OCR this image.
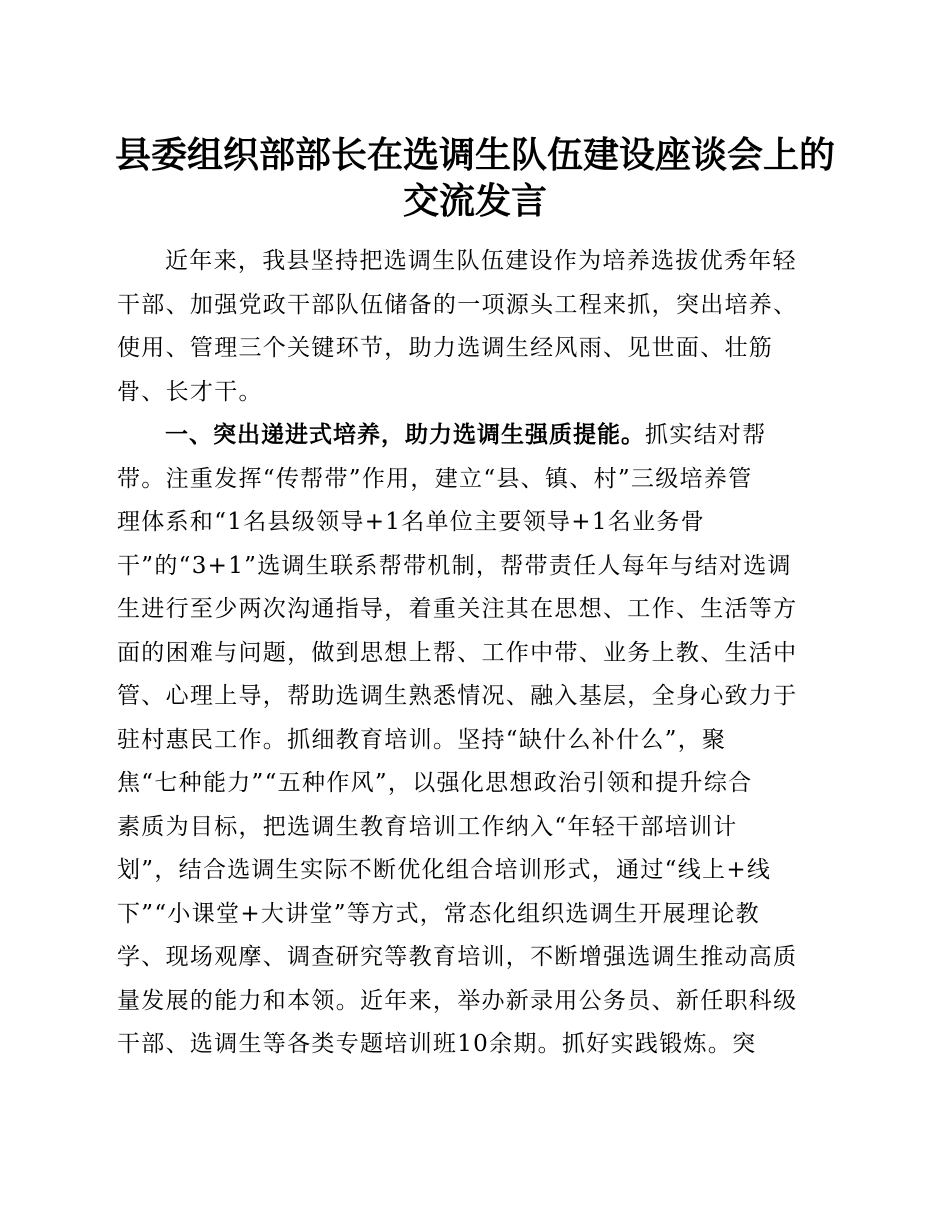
县委组织部部长在选调生队伍建设座谈会上的
交流发言
近年来，我县坚持把选调生队伍建设作为培养选拔优秀年轻
干部、加强党政干部队伍储备的一项源头工程来抓，突出培养、
使用、管理三个关键环节，助力选调生经风雨、见世面、壮筋
骨、长才干。
一、突出递进式培养，助力选调生强质提能。抓实结对帮
带。注重发挥“传帮带”作用，建立“县、镇、村”三级培养管
理体系和“1名县级领导+1名单位主要领导+1名业务骨
干”的“3+1”选调生联系帮带机制，帮带责任人每年与结对选调
生进行至少两次沟通指导，着重关注其在思想、工作、生活等方
面的困难与问题，做到思想上帮、工作中带、业务上教、生活中
管、心理上导，帮助选调生熟悉情况、融入基层，全身心致力于
驻村惠民工作。抓细教育培训。坚持“缺什么补什么”，聚
焦“七种能力”“五种作风”，以强化思想政治引领和提升综合
素质为目标，把选调生教育培训工作纳入“年轻干部培训计
划”，结合选调生实际不断优化组合培训形式，通过“线上+线
下”“小课堂+大讲堂”等方式，常态化组织选调生开展理论教
学、现场观摩、调查研究等教育培训，不断增强选调生推动高质
量发展的能力和本领。近年来，举办新录用公务员、新任职科级
干部、选调生等各类专题培训班10余期。抓好实践锻炼。突
